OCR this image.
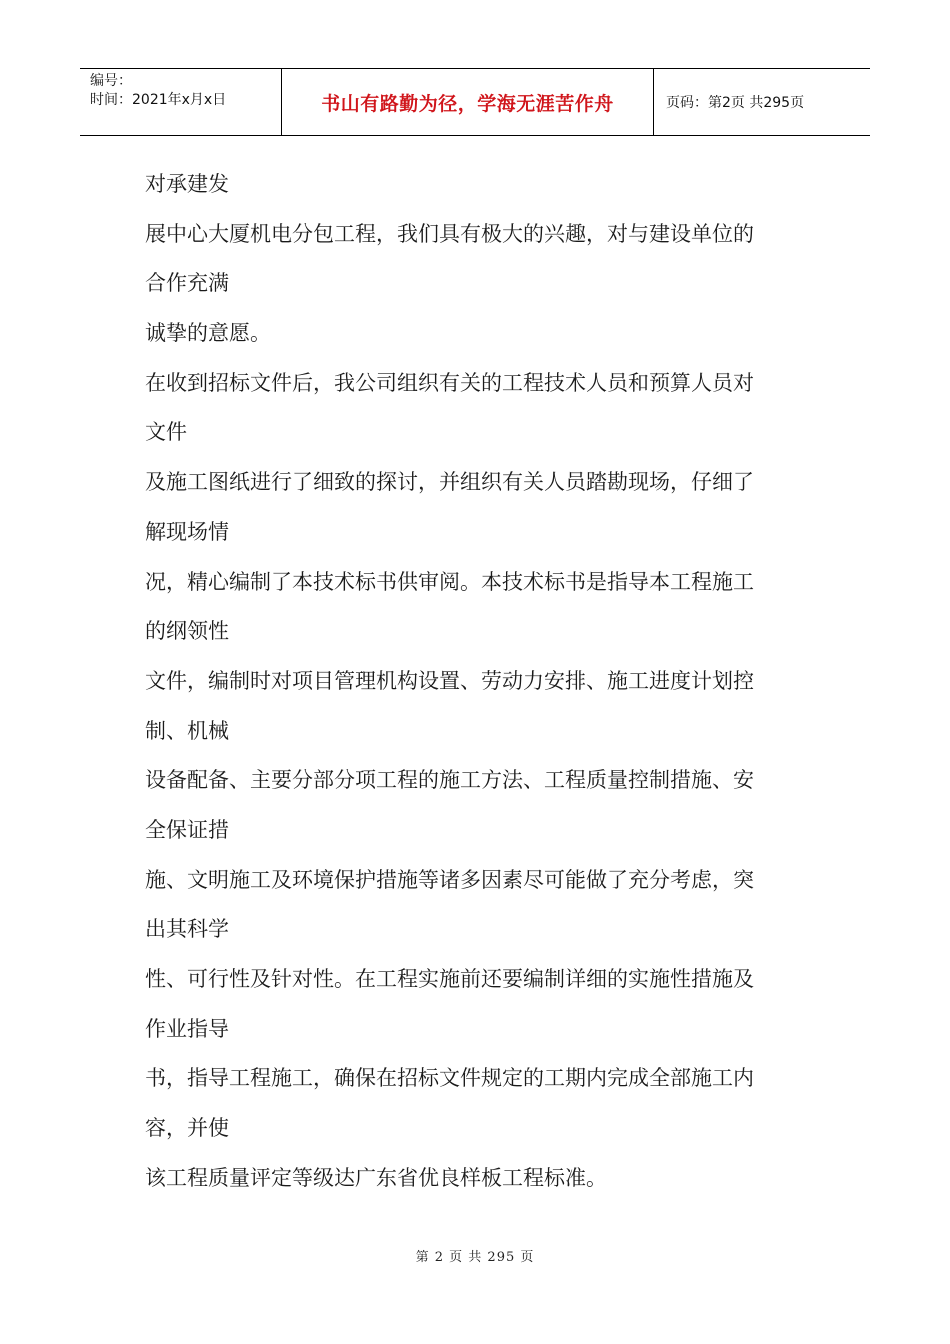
编号：
时间：2021年x月x日	书山有路勤为径，学海无涯苦作舟	页码：第2页 共295页
对承建发
展中心大厦机电分包工程，我们具有极大的兴趣，对与建设单位的
合作充满
诚挚的意愿。
在收到招标文件后，我公司组织有关的工程技术人员和预算人员对
文件
及施工图纸进行了细致的探讨，并组织有关人员踏勘现场，仔细了
解现场情
况，精心编制了本技术标书供审阅。本技术标书是指导本工程施工
的纲领性
文件，编制时对项目管理机构设置、劳动力安排、施工进度计划控
制、机械
设备配备、主要分部分项工程的施工方法、工程质量控制措施、安
全保证措
施、文明施工及环境保护措施等诸多因素尽可能做了充分考虑，突
出其科学
性、可行性及针对性。在工程实施前还要编制详细的实施性措施及
作业指导
书，指导工程施工，确保在招标文件规定的工期内完成全部施工内
容，并使
该工程质量评定等级达广东省优良样板工程标准。
第 2 页 共 295 页
